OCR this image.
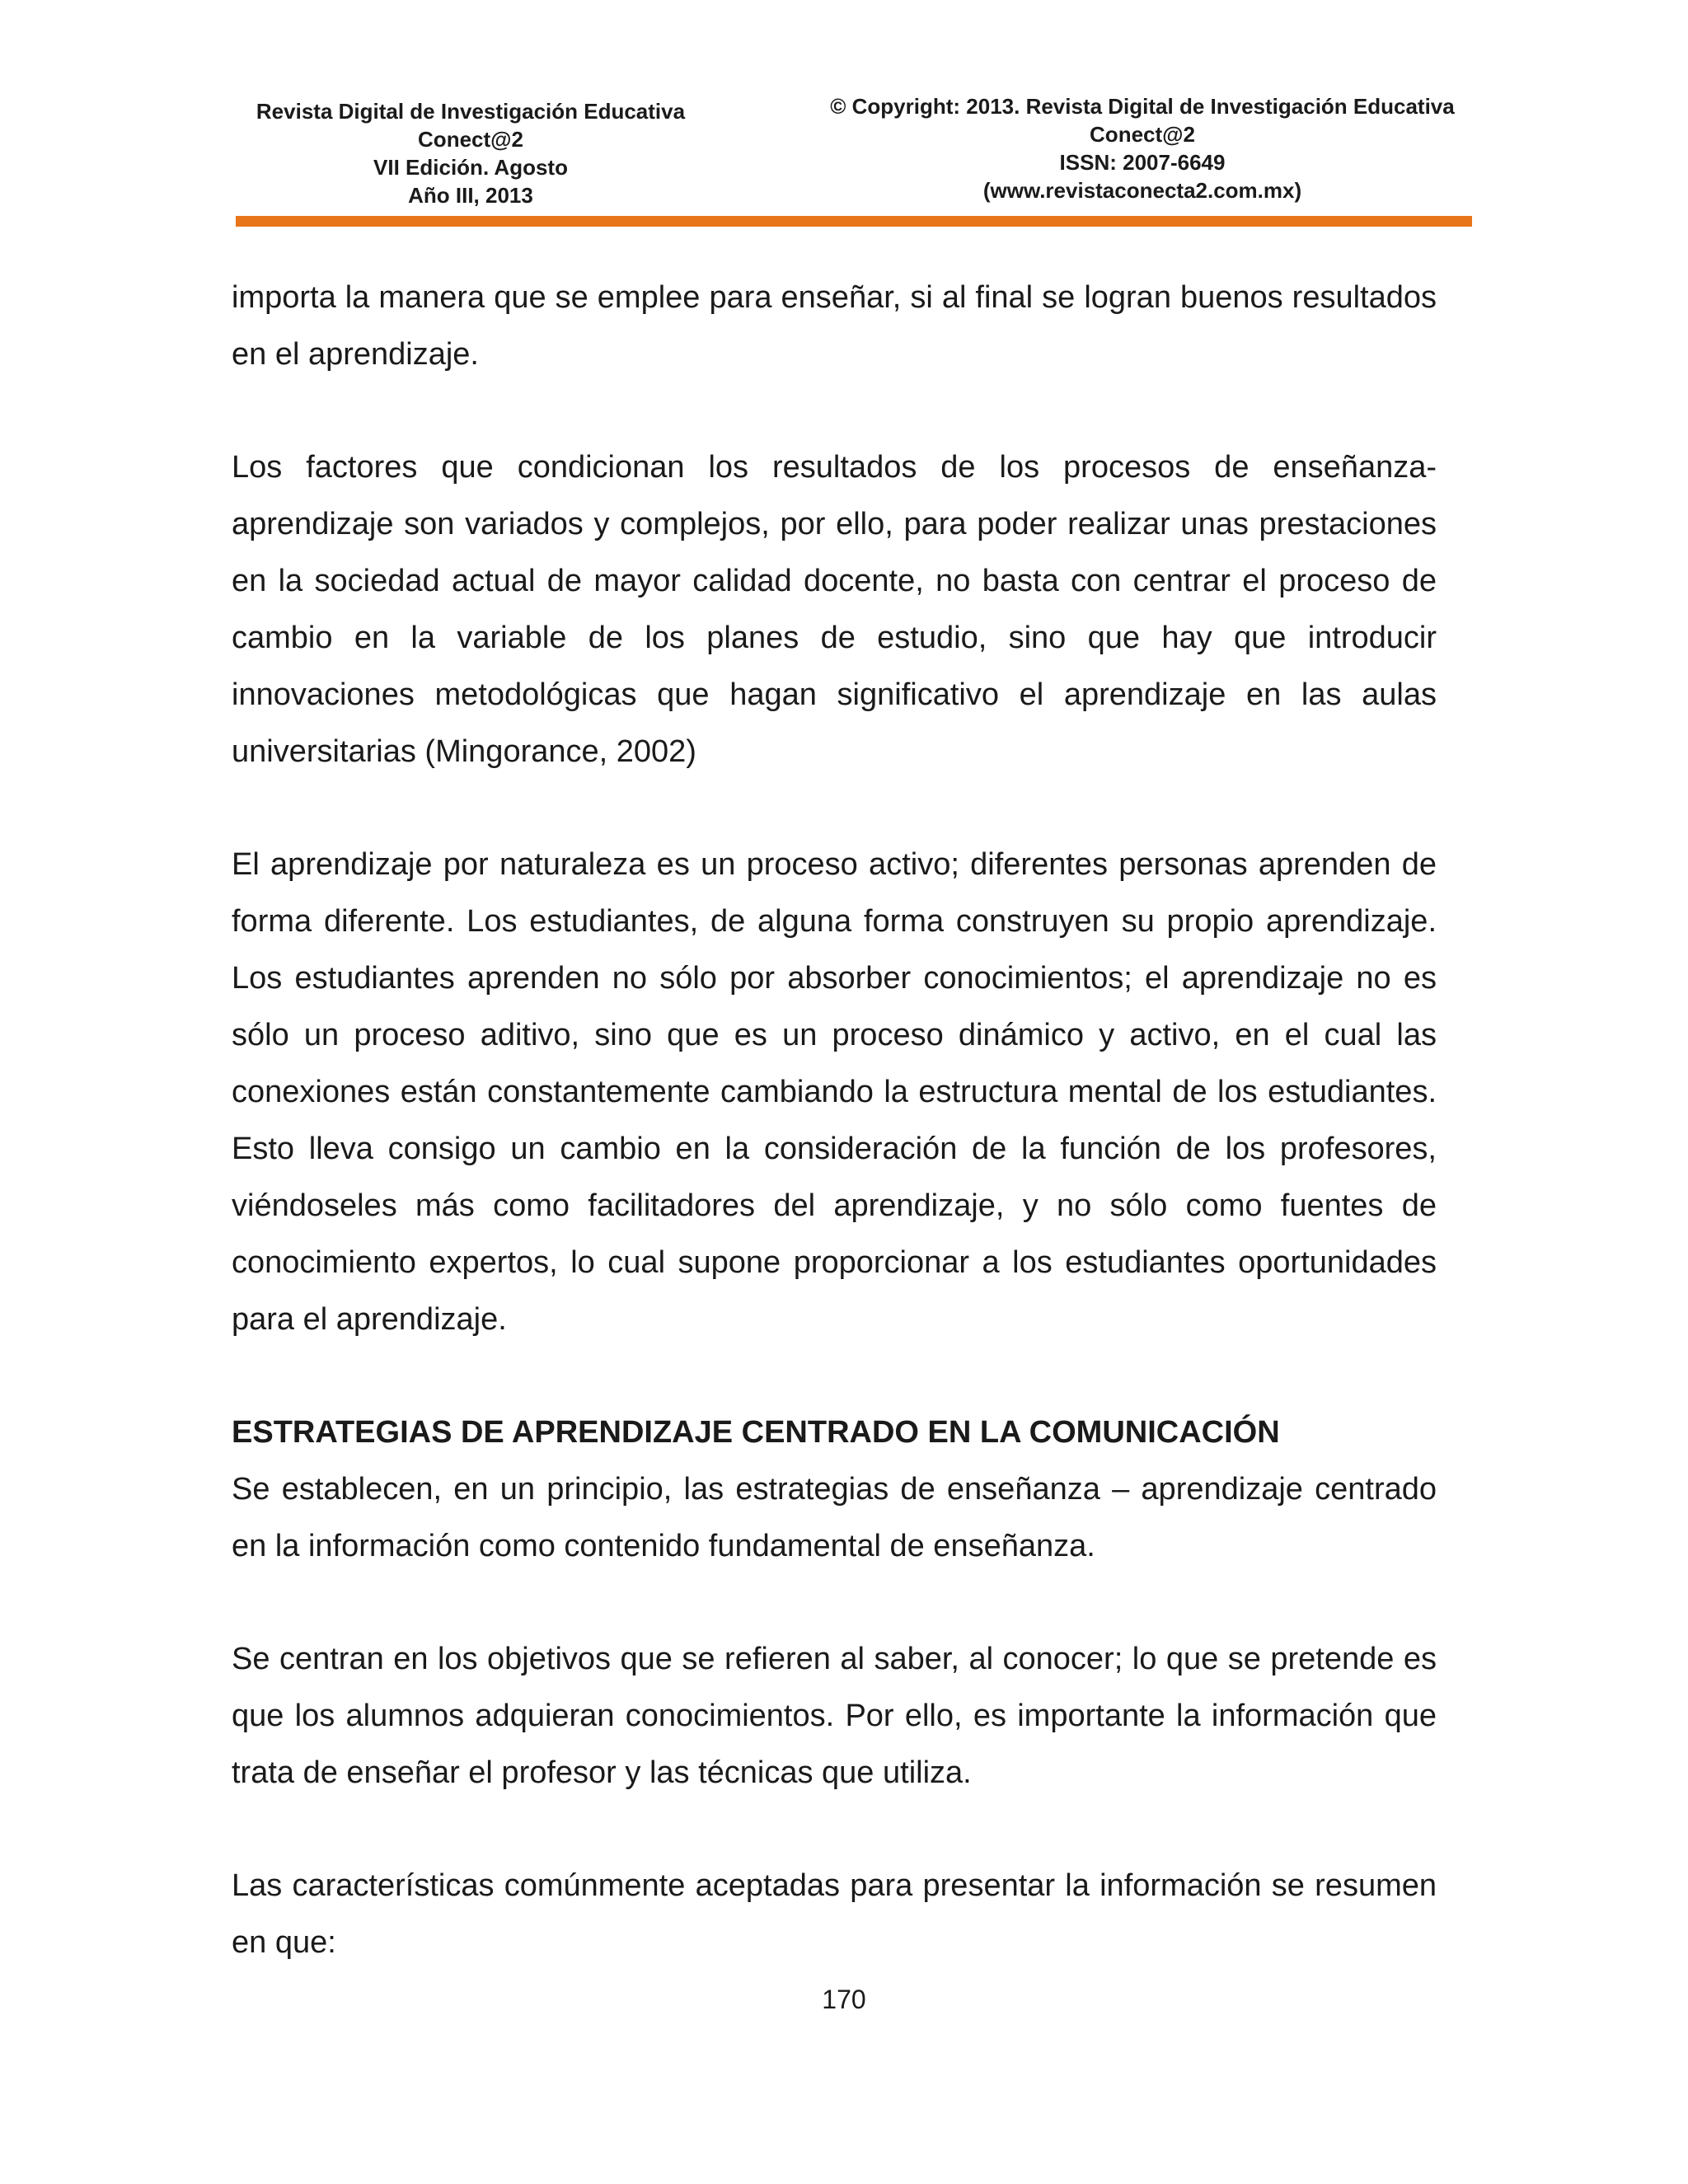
Revista Digital de Investigación Educativa
Conect@2
VII Edición. Agosto
Año III, 2013
© Copyright: 2013. Revista Digital de Investigación Educativa
Conect@2
ISSN: 2007-6649
(www.revistaconecta2.com.mx)

importa la manera que se emplee para enseñar, si al final se logran buenos resultados en el aprendizaje.

Los factores que condicionan los resultados de los procesos de enseñanza-aprendizaje son variados y complejos, por ello, para poder realizar unas prestaciones en la sociedad actual de mayor calidad docente, no basta con centrar el proceso de cambio en la variable de los planes de estudio, sino que hay que introducir innovaciones metodológicas que hagan significativo el aprendizaje en las aulas universitarias (Mingorance, 2002)

El aprendizaje por naturaleza es un proceso activo; diferentes personas aprenden de forma diferente. Los estudiantes, de alguna forma construyen su propio aprendizaje. Los estudiantes aprenden no sólo por absorber conocimientos; el aprendizaje no es sólo un proceso aditivo, sino que es un proceso dinámico y activo, en el cual las conexiones están constantemente cambiando la estructura mental de los estudiantes. Esto lleva consigo un cambio en la consideración de la función de los profesores, viéndoseles más como facilitadores del aprendizaje, y no sólo como fuentes de conocimiento expertos, lo cual supone proporcionar a los estudiantes oportunidades para el aprendizaje.

ESTRATEGIAS DE APRENDIZAJE CENTRADO EN LA COMUNICACIÓN

Se establecen, en un principio, las estrategias de enseñanza – aprendizaje centrado en la información como contenido fundamental de enseñanza.

Se centran en los objetivos que se refieren al saber, al conocer; lo que se pretende es que los alumnos adquieran conocimientos. Por ello, es importante la información que trata de enseñar el profesor y las técnicas que utiliza.

Las características comúnmente aceptadas para presentar la información se resumen en que:

170
